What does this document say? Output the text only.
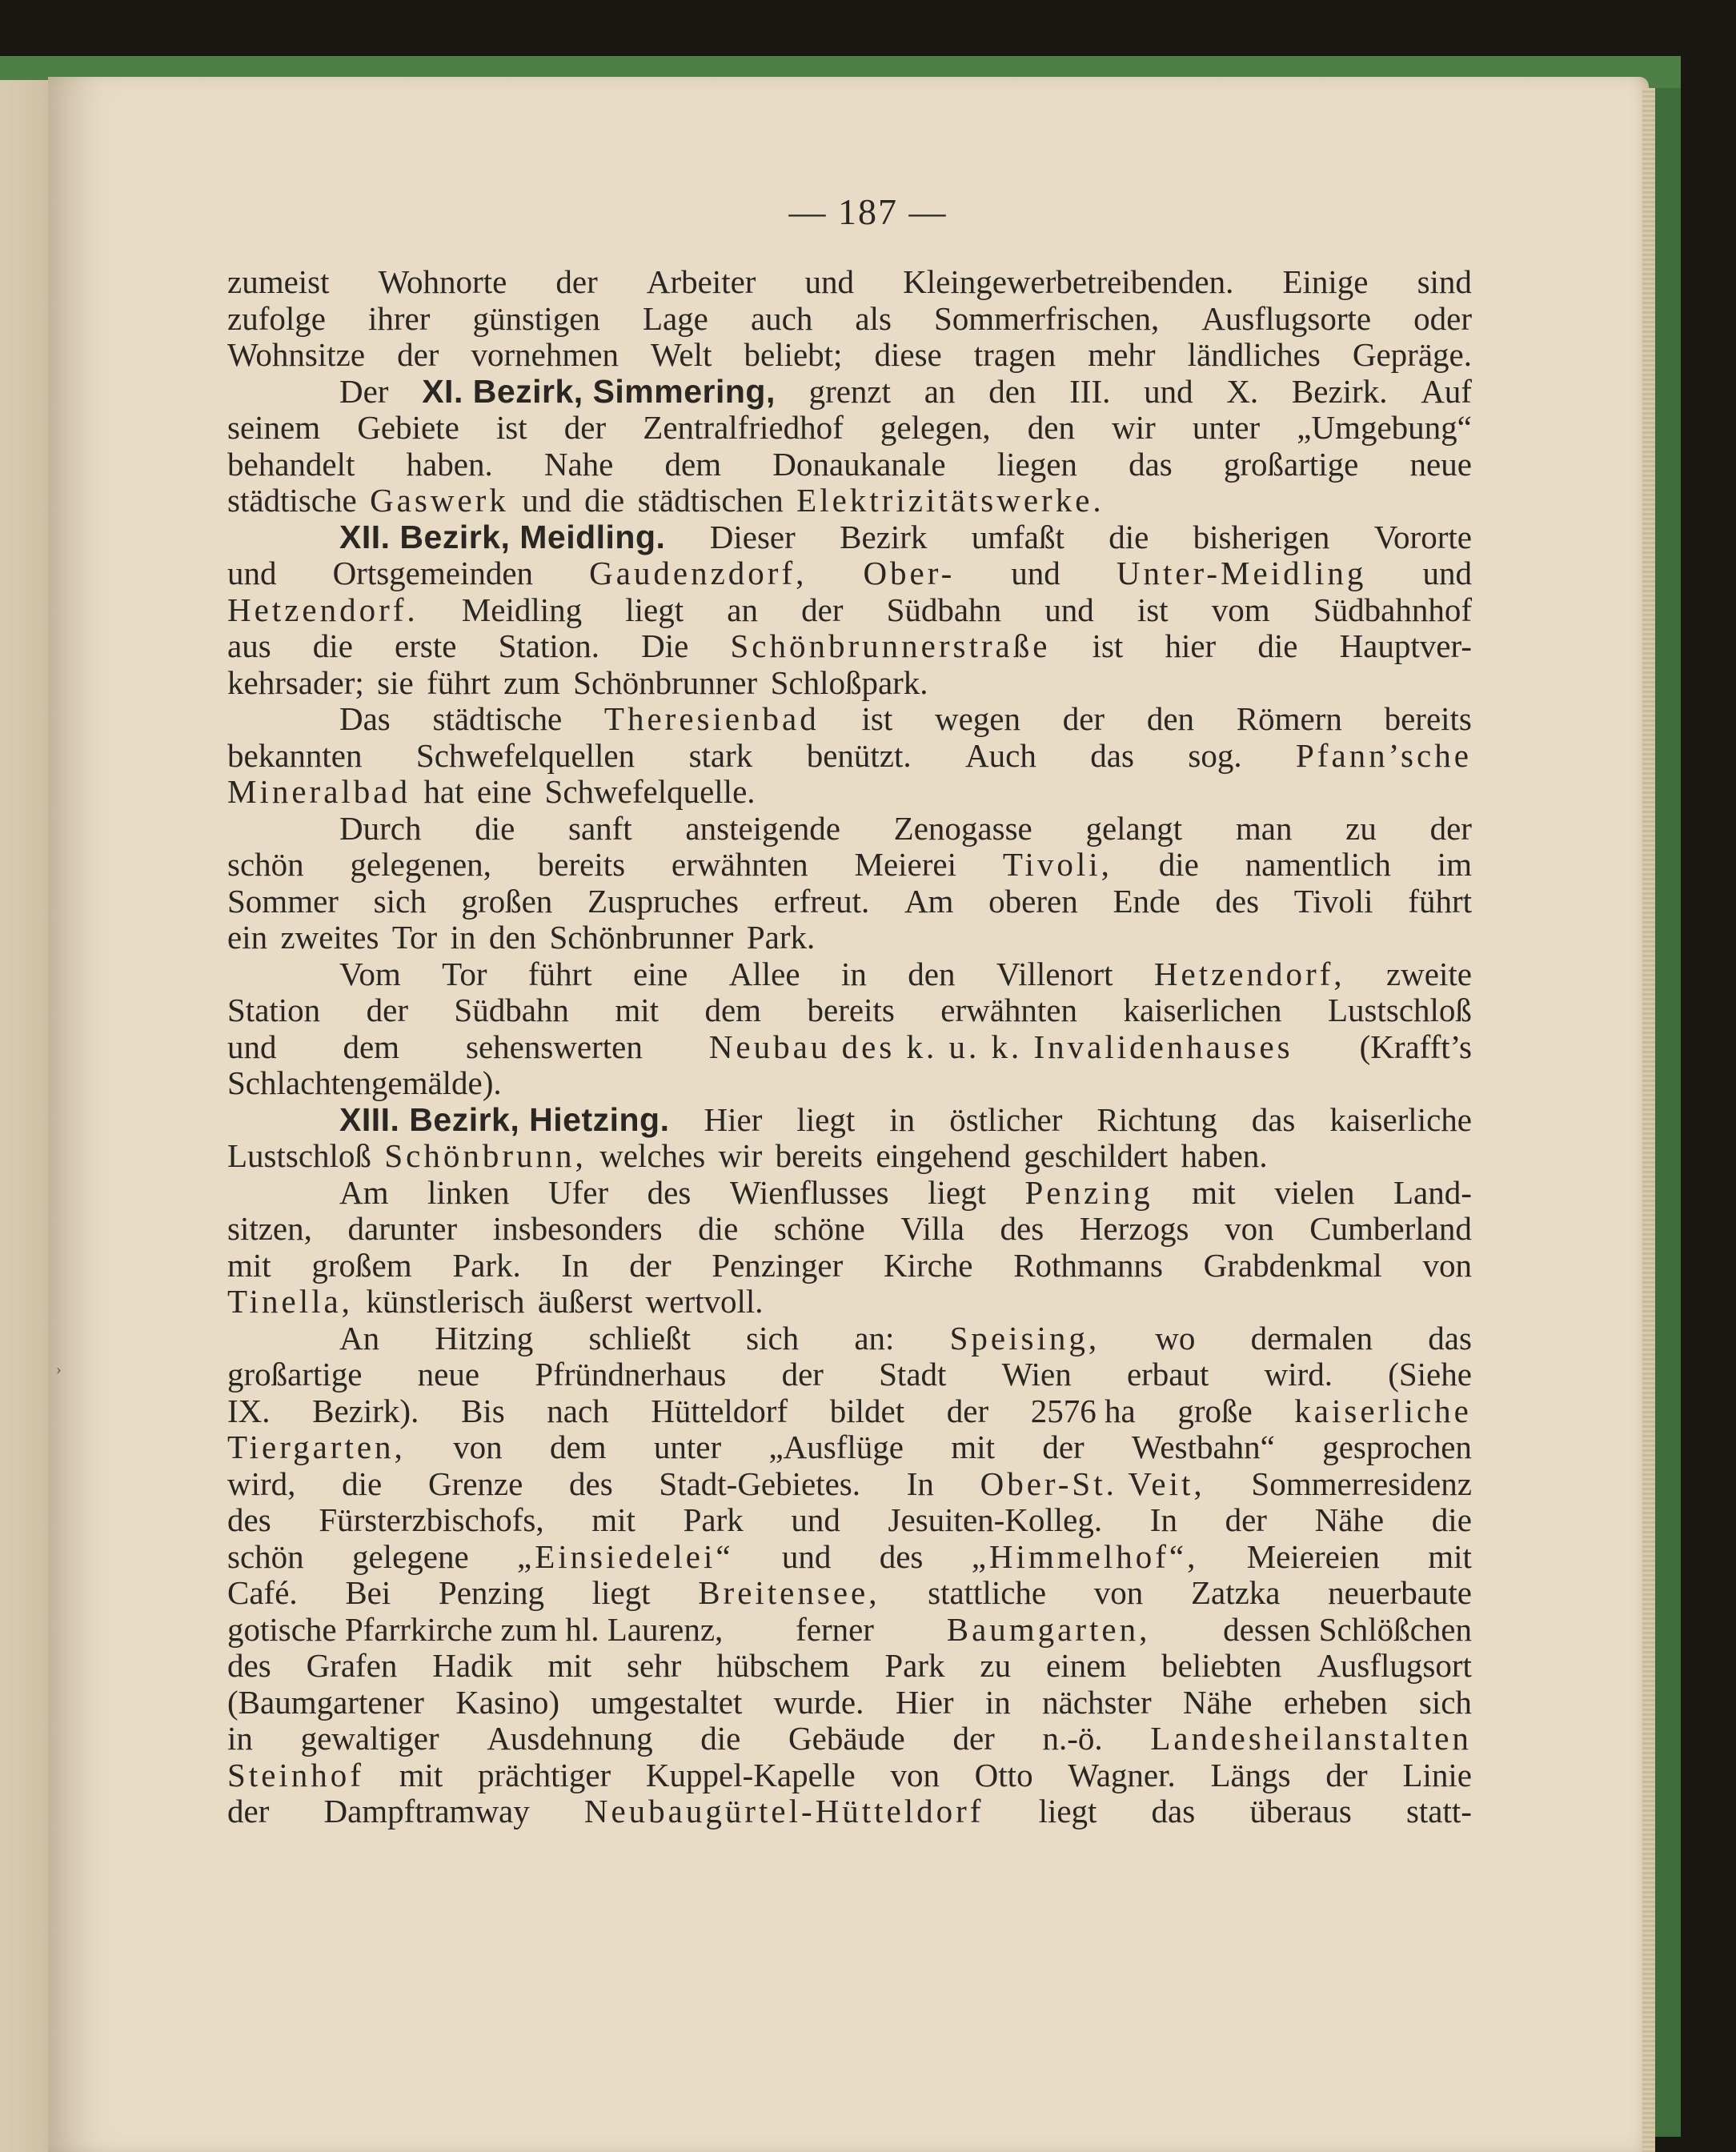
— 187 —
zumeist Wohnorte der Arbeiter und Kleingewerbetreibenden. Einige sind
zufolge ihrer günstigen Lage auch als Sommerfrischen, Ausflugsorte oder
Wohnsitze der vornehmen Welt beliebt; diese tragen mehr ländliches Gepräge.
Der XI. Bezirk, Simmering, grenzt an den III. und X. Bezirk. Auf
seinem Gebiete ist der Zentralfriedhof gelegen, den wir unter „Umgebung“
behandelt haben. Nahe dem Donaukanale liegen das großartige neue
städtische Gaswerk und die städtischen Elektrizitätswerke.
XII. Bezirk, Meidling. Dieser Bezirk umfaßt die bisherigen Vororte
und Ortsgemeinden Gaudenzdorf, Ober- und Unter-Meidling und
Hetzendorf. Meidling liegt an der Südbahn und ist vom Südbahnhof
aus die erste Station. Die Schönbrunnerstraße ist hier die Hauptver-
kehrsader; sie führt zum Schönbrunner Schloßpark.
Das städtische Theresienbad ist wegen der den Römern bereits
bekannten Schwefelquellen stark benützt. Auch das sog. Pfann’sche
Mineralbad hat eine Schwefelquelle.
Durch die sanft ansteigende Zenogasse gelangt man zu der
schön gelegenen, bereits erwähnten Meierei Tivoli, die namentlich im
Sommer sich großen Zuspruches erfreut. Am oberen Ende des Tivoli führt
ein zweites Tor in den Schönbrunner Park.
Vom Tor führt eine Allee in den Villenort Hetzendorf, zweite
Station der Südbahn mit dem bereits erwähnten kaiserlichen Lustschloß
und dem sehenswerten Neubau des k. u. k. Invalidenhauses (Krafft’s
Schlachtengemälde).
XIII. Bezirk, Hietzing. Hier liegt in östlicher Richtung das kaiserliche
Lustschloß Schönbrunn, welches wir bereits eingehend geschildert haben.
Am linken Ufer des Wienflusses liegt Penzing mit vielen Land-
sitzen, darunter insbesonders die schöne Villa des Herzogs von Cumberland
mit großem Park. In der Penzinger Kirche Rothmanns Grabdenkmal von
Tinella, künstlerisch äußerst wertvoll.
An Hitzing schließt sich an: Speising, wo dermalen das
großartige neue Pfründnerhaus der Stadt Wien erbaut wird. (Siehe
IX. Bezirk). Bis nach Hütteldorf bildet der 2576 ha große kaiserliche
Tiergarten, von dem unter „Ausflüge mit der Westbahn“ gesprochen
wird, die Grenze des Stadt-Gebietes. In Ober-St. Veit, Sommerresidenz
des Fürsterzbischofs, mit Park und Jesuiten-Kolleg. In der Nähe die
schön gelegene „Einsiedelei“ und des „Himmelhof“, Meiereien mit
Café. Bei Penzing liegt Breitensee, stattliche von Zatzka neuerbaute
gotische Pfarrkirche zum hl. Laurenz, ferner Baumgarten, dessen Schlößchen
des Grafen Hadik mit sehr hübschem Park zu einem beliebten Ausflugsort
(Baumgartener Kasino) umgestaltet wurde. Hier in nächster Nähe erheben sich
in gewaltiger Ausdehnung die Gebäude der n.-ö. Landesheilanstalten
Steinhof mit prächtiger Kuppel-Kapelle von Otto Wagner. Längs der Linie
der Dampftramway Neubaugürtel-Hütteldorf liegt das überaus statt-
›
